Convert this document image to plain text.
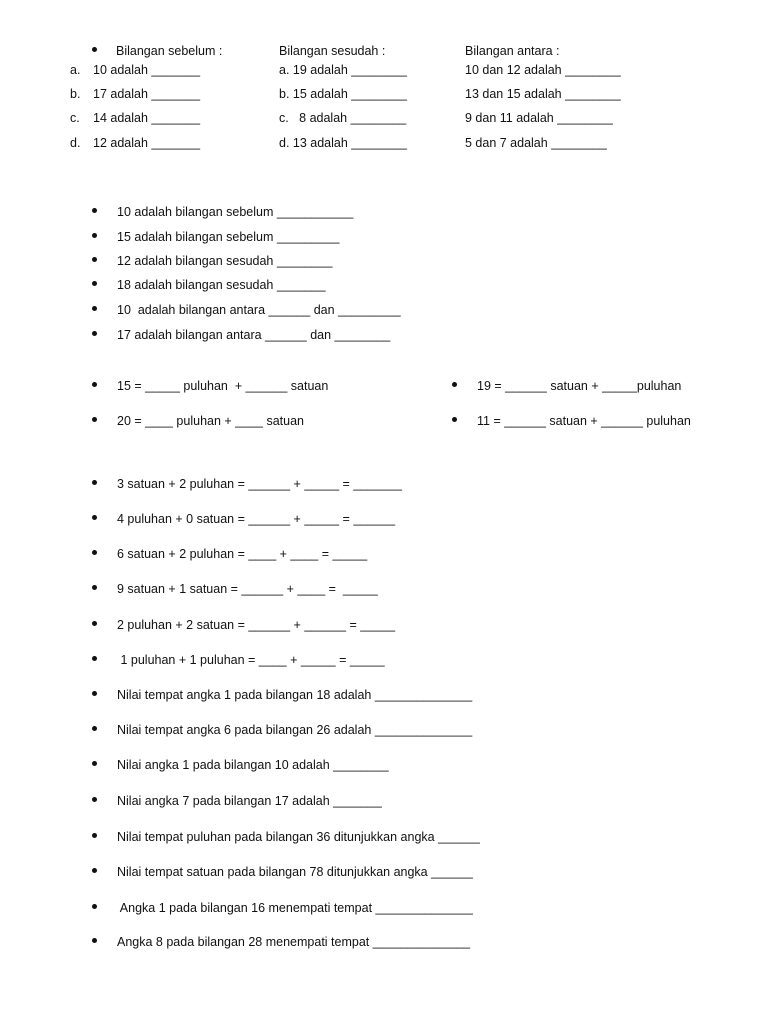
Bilangan sebelum :	Bilangan sesudah :	Bilangan antara :
a. 10 adalah _______	a. 19 adalah ________	10 dan 12 adalah ________
b. 17 adalah _______	b. 15 adalah ________	13 dan 15 adalah ________
c. 14 adalah _______	c.   8 adalah ________	9 dan 11 adalah ________
d. 12 adalah _______	d. 13 adalah ________	5 dan 7 adalah ________
10 adalah bilangan sebelum ___________
15 adalah bilangan sebelum _________
12 adalah bilangan sesudah ________
18 adalah bilangan sesudah _______
10  adalah bilangan antara ______ dan _________
17 adalah bilangan antara ______ dan ________
15 = _____ puluhan  + ______ satuan	19 = ______ satuan + _____puluhan
20 = ____ puluhan + ____ satuan	11 = ______ satuan + ______ puluhan
3 satuan + 2 puluhan = ______ + _____ = _______
4 puluhan + 0 satuan = ______ + _____ = ______
6 satuan + 2 puluhan = ____ + ____ = _____
9 satuan + 1 satuan = ______ + ____ =  _____
2 puluhan + 2 satuan = ______ + ______ = _____
1 puluhan + 1 puluhan = ____ + _____ = _____
Nilai tempat angka 1 pada bilangan 18 adalah ______________
Nilai tempat angka 6 pada bilangan 26 adalah ______________
Nilai angka 1 pada bilangan 10 adalah ________
Nilai angka 7 pada bilangan 17 adalah _______
Nilai tempat puluhan pada bilangan 36 ditunjukkan angka ______
Nilai tempat satuan pada bilangan 78 ditunjukkan angka ______
Angka 1 pada bilangan 16 menempati tempat ______________
Angka 8 pada bilangan 28 menempati tempat ______________
